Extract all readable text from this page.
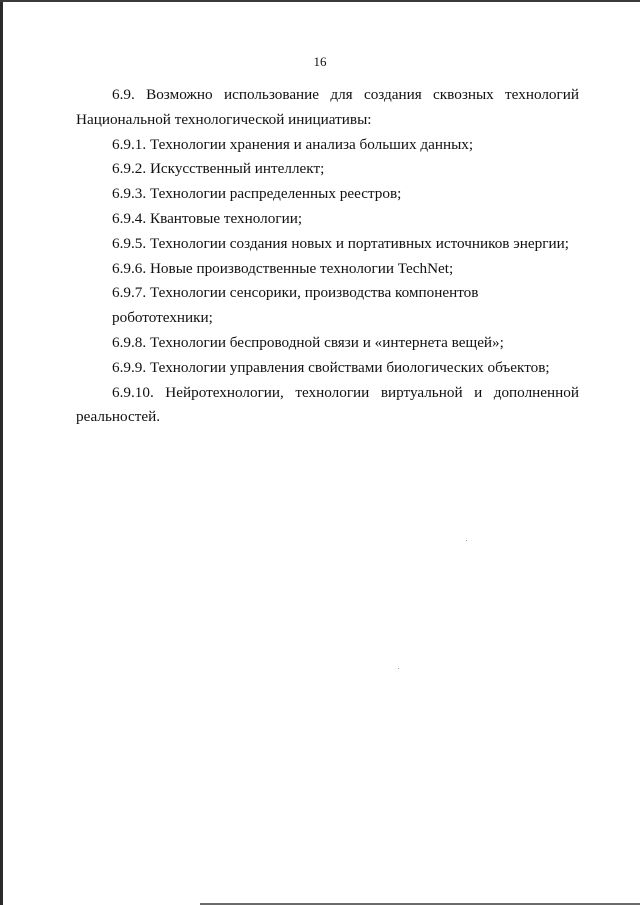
16

6.9. Возможно использование для создания сквозных технологий
Национальной технологической инициативы:

6.9.1. Технологии хранения и анализа больших данных;

6.9.2. Искусственный интеллект;

6.9.3. Технологии распределенных реестров;

6.9.4. Квантовые технологии;

6.9.5. Технологии создания новых и портативных источников энергии;

6.9.6. Новые производственные технологии TechNet;

6.9.7. Технологии сенсорики, производства компонентов робототехники;

6.9.8. Технологии беспроводной связи и «интернета вещей»;

6.9.9. Технологии управления свойствами биологических объектов;

6.9.10. Нейротехнологии, технологии виртуальной и дополненной
реальностей.
